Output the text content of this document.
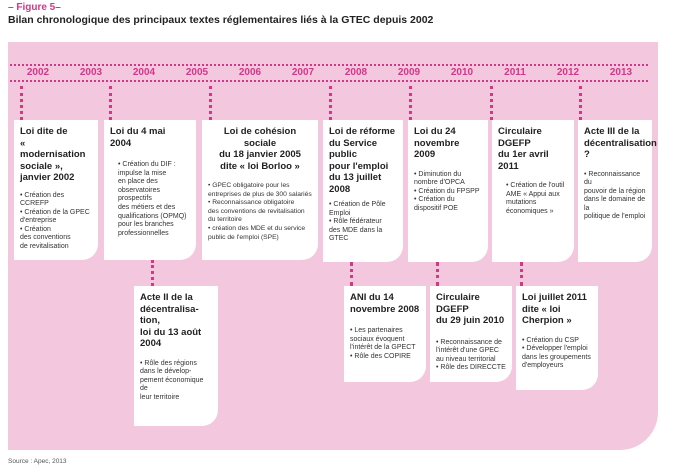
– Figure 5–
Bilan chronologique des principaux textes réglementaires liés à la GTEC depuis 2002
2002	2003	2004	2005	2006	2007	2008	2009	2010	2011	2012	2013
Loi dite de
« modernisation
sociale »,
janvier 2002

• Création des CCREFP

• Création de la GPEC

d'entreprise

• Création

des conventions

de revitalisation

Loi du 4 mai
2004

• Création du DIF :

impulse la mise

en place des

observatoires

prospectifs

des métiers et des

qualifications (OPMQ)

pour les branches

professionnelles

Loi de cohésion sociale
du 18 janvier 2005
dite « loi Borloo »

• GPEC obligatoire pour les

entreprises de plus de 300 salariés

• Reconnaissance obligatoire

des conventions de revitalisation

du territoire

• création des MDE et du service

public de l'emploi (SPE)

Loi de réforme
du Service
public
pour l'emploi
du 13 juillet
2008

• Création de Pôle

Emploi

• Rôle fédérateur

des MDE dans la GTEC

Loi du 24
novembre 2009

• Diminution du

nombre d'OPCA

• Création du FPSPP

• Création du

dispositif POE

Circulaire DGEFP
du 1er avril 2011

• Création de l'outil

AME « Appui aux

mutations

économiques »

Acte III de la
décentralisation
?

• Reconnaissance du

pouvoir de la région

dans le domaine de la

politique de l'emploi

Acte II de la
décentralisa-
tion,
loi du 13 août
2004

• Rôle des régions

dans le dévelop-

pement économique de

leur territoire

ANI du 14
novembre 2008

• Les partenaires

sociaux évoquent

l'intérêt de la GPECT

• Rôle des COPIRE

Circulaire DGEFP
du 29 juin 2010

• Reconnaissance de

l'intérêt d'une GPEC

au niveau territorial

• Rôle des DIRECCTE

Loi juillet 2011
dite « loi
Cherpion »

• Création du CSP

• Développer l'emploi

dans les groupements

d'employeurs

Source : Apec, 2013
